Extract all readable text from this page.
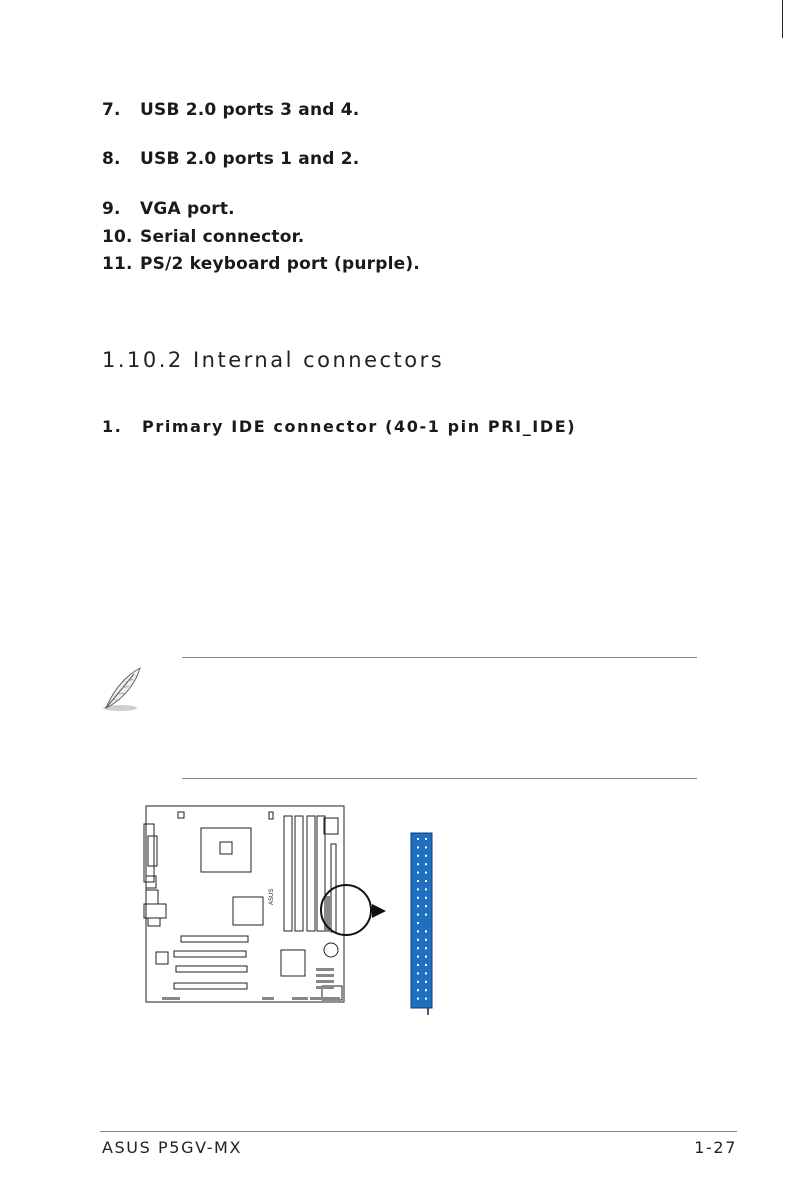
7. USB 2.0 ports 3 and 4.
8. USB 2.0 ports 1 and 2.
9. VGA port.
10. Serial connector.
11. PS/2 keyboard port (purple).
1.10.2 Internal connectors
1. Primary IDE connector (40-1 pin PRI_IDE)
ASUS
ASUS P5GV-MX	1-27
